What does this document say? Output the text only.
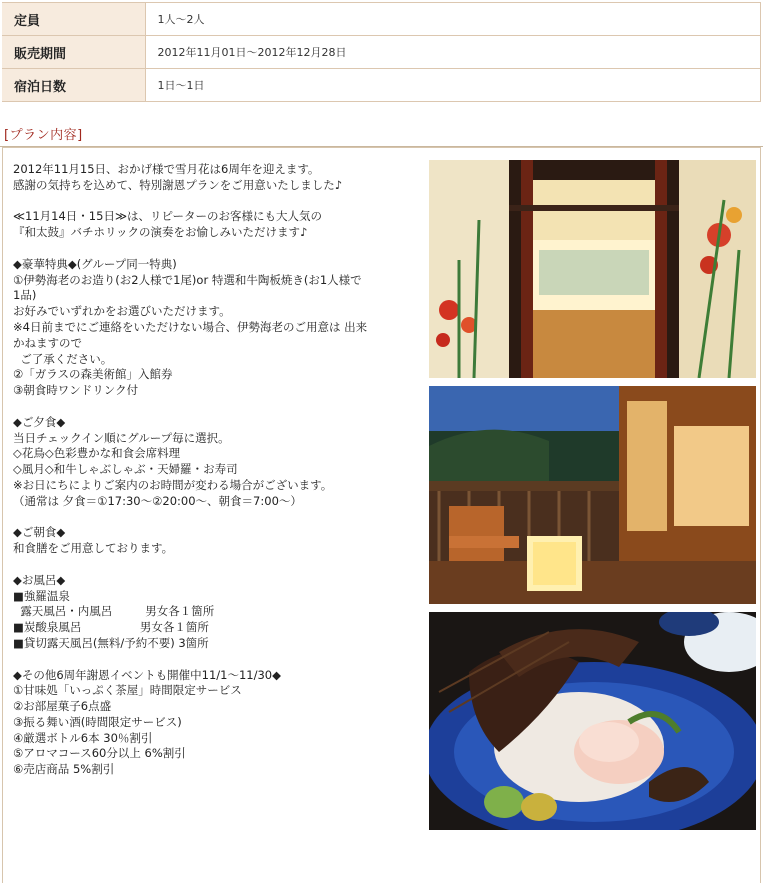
定員	1人〜2人
販売期間	2012年11月01日〜2012年12月28日
宿泊日数	1日〜1日
[プラン内容]

2012年11月15日、おかげ様で雪月花は6周年を迎えます。

感謝の気持ちを込めて、特別謝恩プランをご用意いたしました♪

≪11月14日・15日≫は、リピーターのお客様にも大人気の

『和太鼓』バチホリックの演奏をお愉しみいただけます♪

◆豪華特典◆(グループ同一特典)

①伊勢海老のお造り(お2人様で1尾)or 特選和牛陶板焼き(お1人様で

1品)

お好みでいずれかをお選びいただけます。

※4日前までにご連絡をいただけない場合、伊勢海老のご用意は 出来

かねますので

ご了承ください。

②「ガラスの森美術館」入館券

③朝食時ワンドリンク付

◆ご夕食◆

当日チェックイン順にグループ毎に選択。

◇花鳥◇色彩豊かな和食会席料理

◇風月◇和牛しゃぶしゃぶ・天婦羅・お寿司

※お日にちによりご案内のお時間が変わる場合がございます。

（通常は 夕食＝①17:30〜②20:00〜、朝食＝7:00〜）

◆ご朝食◆

和食膳をご用意しております。

◆お風呂◆

■強羅温泉

露天風呂・内風呂         男女各１箇所

■炭酸泉風呂                男女各１箇所

■貸切露天風呂(無料/予約不要) 3箇所

◆その他6周年謝恩イベントも開催中11/1〜11/30◆

①甘味処「いっぷく茶屋」時間限定サービス

②お部屋菓子6点盛

③振る舞い酒(時間限定サービス)

④厳選ボトル6本 30％割引

⑤アロマコース60分以上 6%割引

⑥売店商品 5%割引
